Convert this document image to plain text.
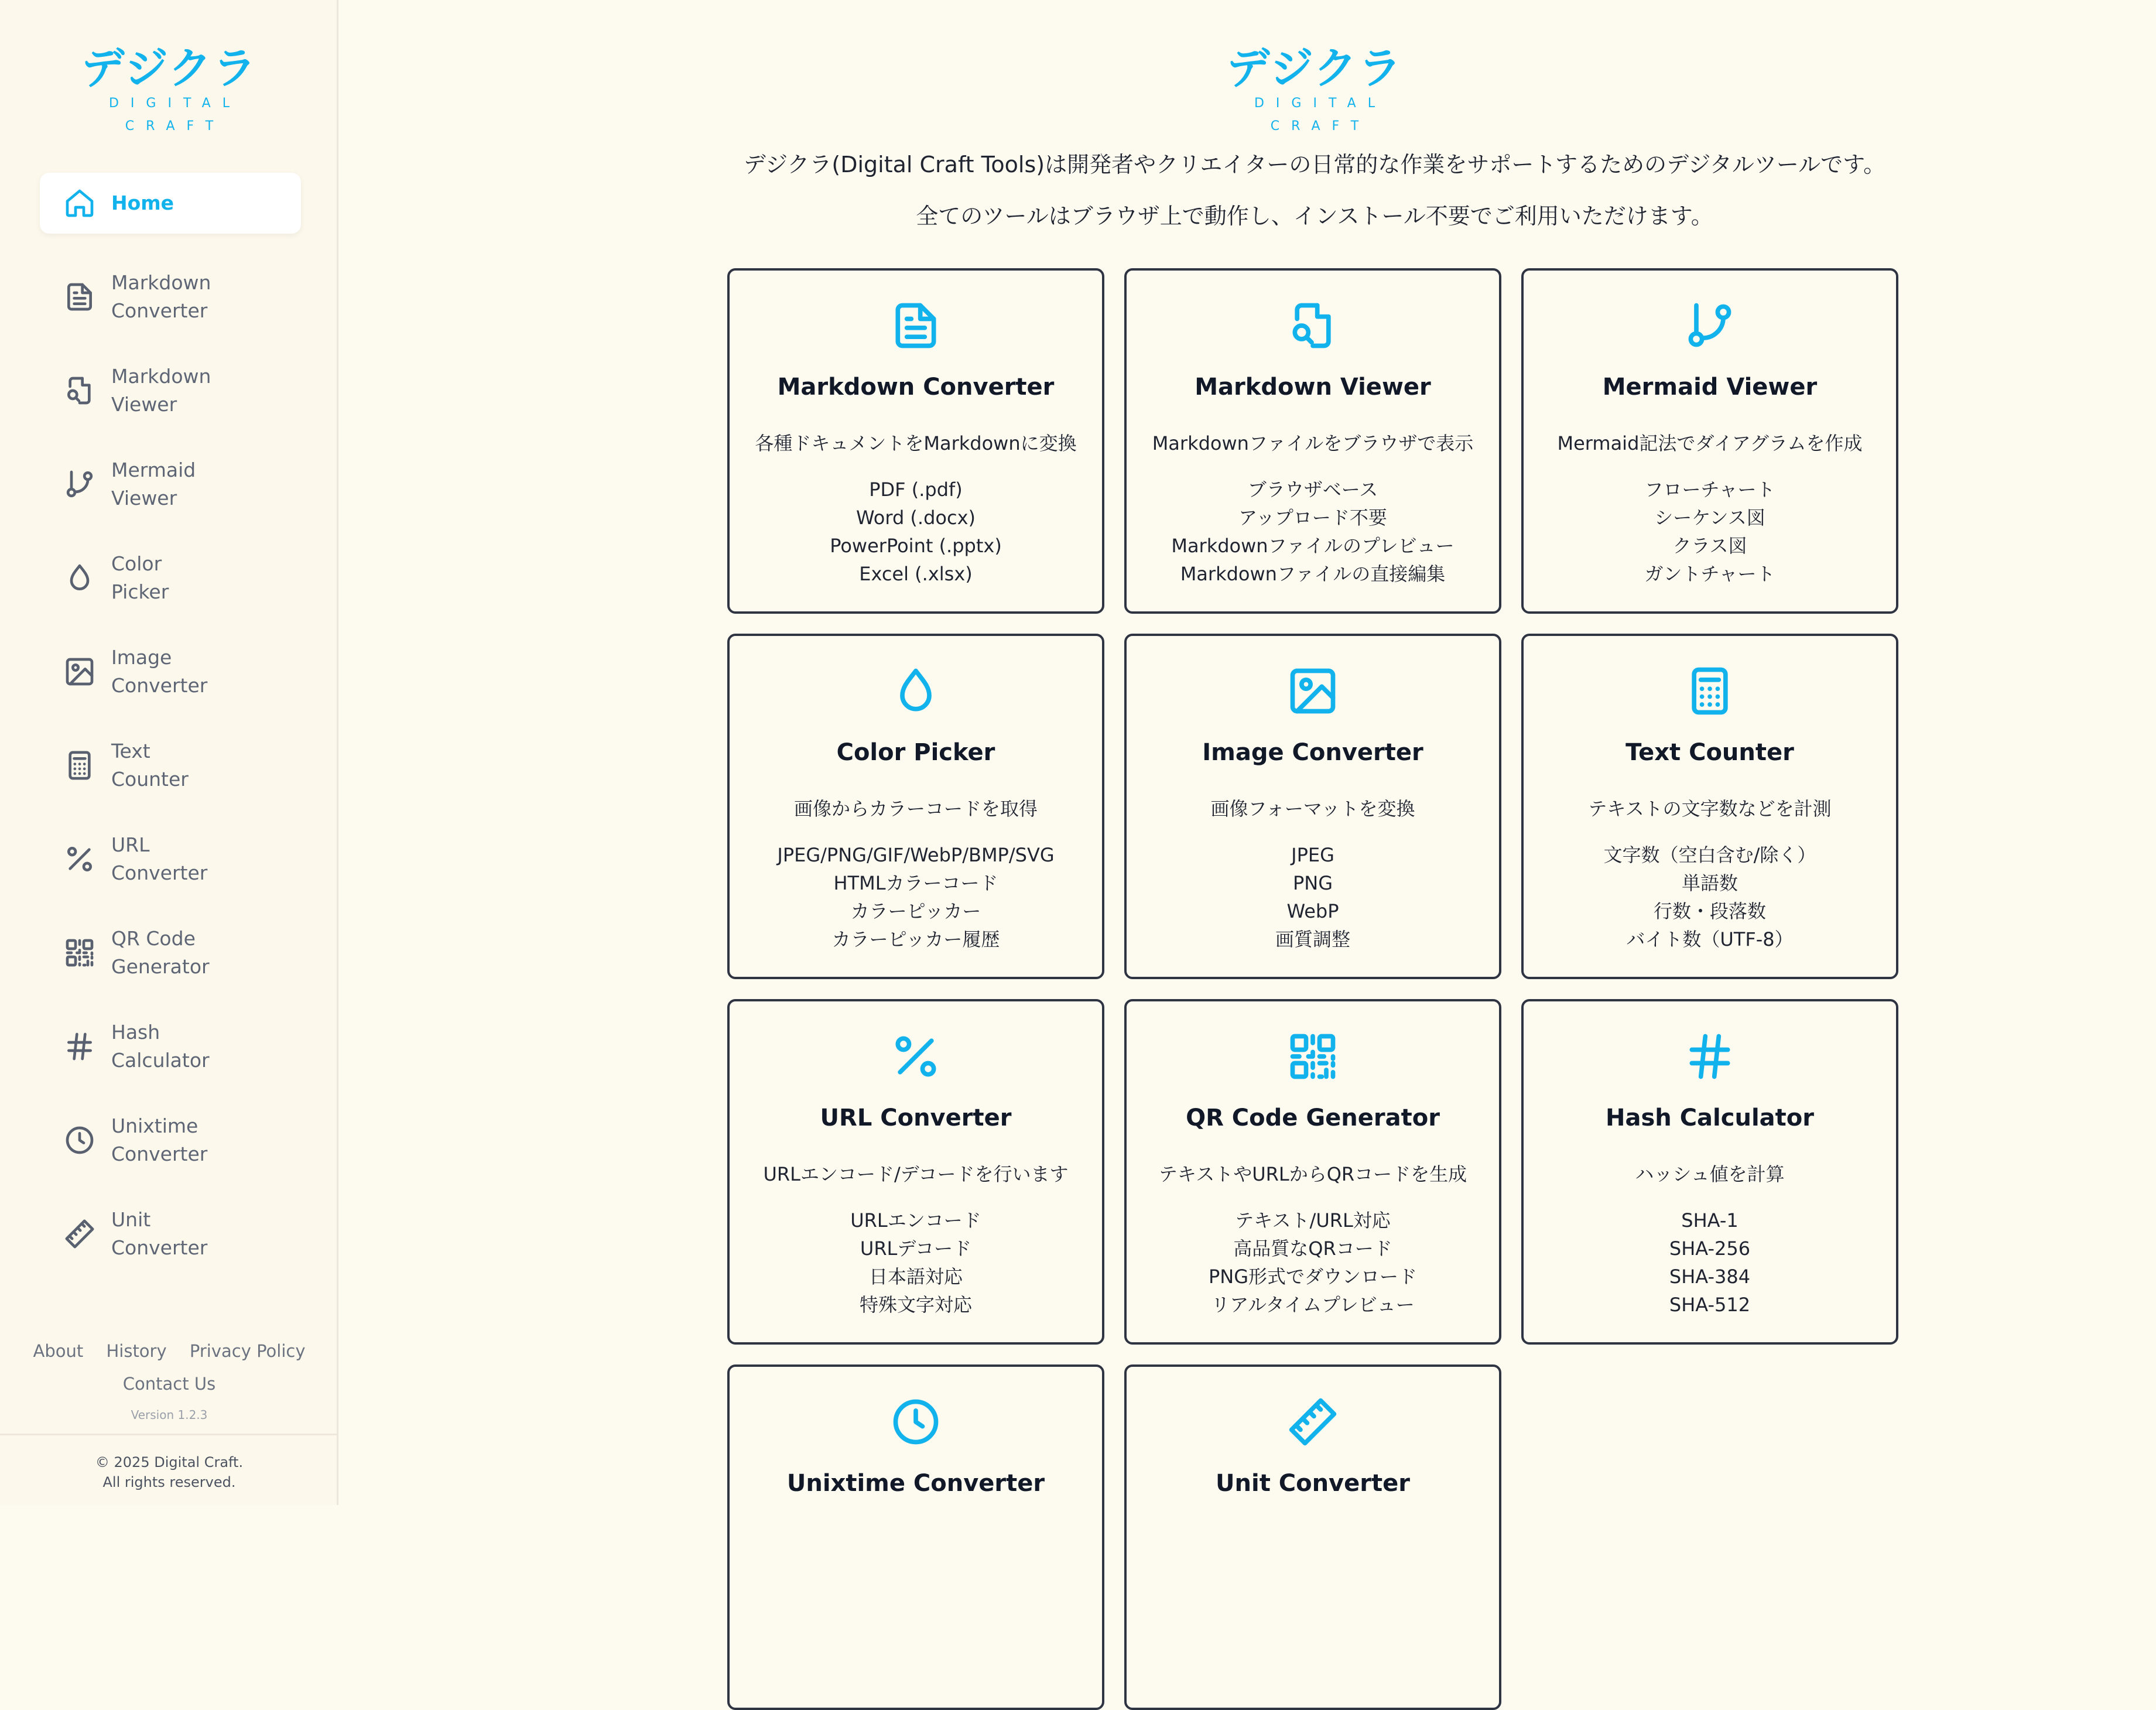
デジクラ
DIGITAL
CRAFT
Home
Markdown
Converter
Markdown
Viewer
Mermaid
Viewer
Color
Picker
Image
Converter
Text
Counter
URL
Converter
QR Code
Generator
Hash
Calculator
Unixtime
Converter
Unit
Converter
About History Privacy Policy
Contact Us
Version 1.2.3
© 2025 Digital Craft.
All rights reserved.
デジクラ
DIGITAL
CRAFT
デジクラ(Digital Craft Tools)は開発者やクリエイターの日常的な作業をサポートするためのデジタルツールです。
全てのツールはブラウザ上で動作し、インストール不要でご利用いただけます。
Markdown Converter
各種ドキュメントをMarkdownに変換
PDF (.pdf)
Word (.docx)
PowerPoint (.pptx)
Excel (.xlsx)
Markdown Viewer
Markdownファイルをブラウザで表示
ブラウザベース
アップロード不要
Markdownファイルのプレビュー
Markdownファイルの直接編集
Mermaid Viewer
Mermaid記法でダイアグラムを作成
フローチャート
シーケンス図
クラス図
ガントチャート
Color Picker
画像からカラーコードを取得
JPEG/PNG/GIF/WebP/BMP/SVG
HTMLカラーコード
カラーピッカー
カラーピッカー履歴
Image Converter
画像フォーマットを変換
JPEG
PNG
WebP
画質調整
Text Counter
テキストの文字数などを計測
文字数（空白含む/除く）
単語数
行数・段落数
バイト数（UTF-8）
URL Converter
URLエンコード/デコードを行います
URLエンコード
URLデコード
日本語対応
特殊文字対応
QR Code Generator
テキストやURLからQRコードを生成
テキスト/URL対応
高品質なQRコード
PNG形式でダウンロード
リアルタイムプレビュー
Hash Calculator
ハッシュ値を計算
SHA-1
SHA-256
SHA-384
SHA-512
Unixtime Converter	Unit Converter
